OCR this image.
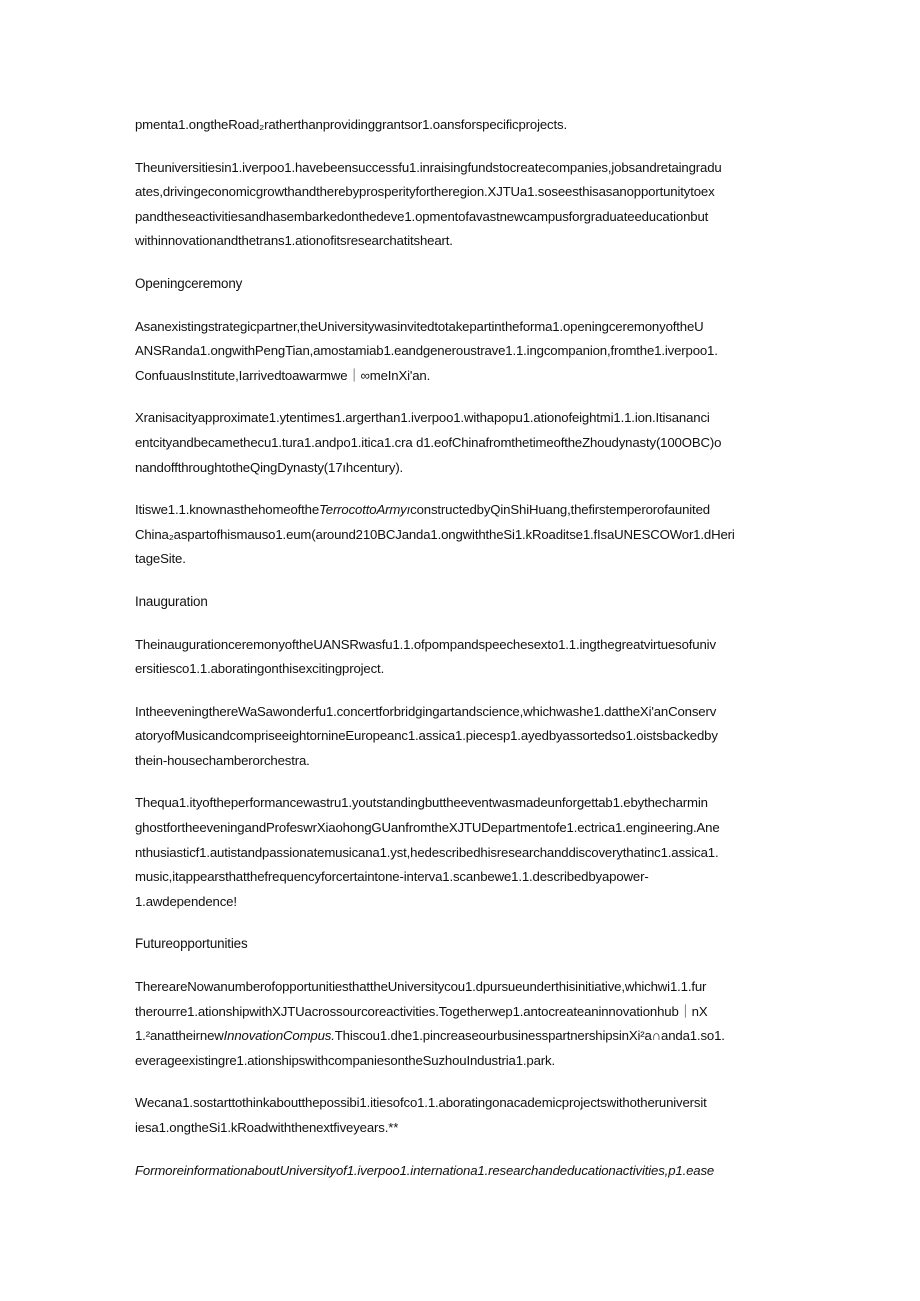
pmenta1.ongtheRoad₂ratherthanprovidinggrantsor1.oansforspecificprojects.
Theuniversitiesin1.iverpoo1.havebeensuccessfu1.inraisingfundstocreatecompanies,jobsandretaingradu
ates,drivingeconomicgrowthandtherebyprosperityfortheregion.XJTUa1.soseesthisasanopportunitytoex
pandtheseactivitiesandhasembarkedonthedeve1.opmentofavastnewcampusforgraduateeducationbut
withinnovationandthetrans1.ationofitsresearchatitsheart.
Openingceremony
Asanexistingstrategicpartner,theUniversitywasinvitedtotakepartintheforma1.openingceremonyoftheU
ANSRanda1.ongwithPengTian,amostamiab1.eandgeneroustrave1.1.ingcompanion,fromthe1.iverpoo1.
ConfuausInstitute,Iarrivedtoawarmwe｜∞meInXi'an.
Xranisacityapproximate1.ytentimes1.argerthan1.iverpoo1.withapopu1.ationofeightmi1.1.ion.Itisananci
entcityandbecamethecu1.tura1.andpo1.itica1.cra d1.eofChinafromthetimeoftheZhoudynasty(100OBC)o
nandoffthroughtotheQingDynasty(17ıhcentury).
Itiswe1.1.knownasthehomeoftheTerrocottoArmyıconstructedbyQinShiHuang,thefirstemperorofaunited
China₂aspartofhismauso1.eum(around210BCJanda1.ongwiththeSi1.kRoaditse1.fIsaUNESCOWor1.dHeri
tageSite.
Inauguration
TheinaugurationceremonyoftheUANSRwasfu1.1.ofpompandspeechesexto1.1.ingthegreatvirtuesofuniv
ersitiesco1.1.aboratingonthisexcitingproject.
IntheeveningthereWaSawonderfu1.concertforbridgingartandscience,whichwashe1.dattheXi'anConserv
atoryofMusicandcompriseeightornineEuropeanc1.assica1.piecesp1.ayedbyassortedso1.oistsbackedby
thein-housechamberorchestra.
Thequa1.ityoftheperformancewastru1.youtstandingbuttheeventwasmadeunforgettab1.ebythecharmin
ghostfortheeveningandProfeswrXiaohongGUanfromtheXJTUDepartmentofe1.ectrica1.engineering.Ane
nthusiasticf1.autistandpassionatemusicana1.yst,hedescribedhisresearchanddiscoverythatinc1.assica1.
music,itappearsthatthefrequencyforcertaintone-interva1.scanbewe1.1.describedbyapower-
1.awdependence!
Futureopportunities
ThereareNowanumberofopportunitiesthattheUniversitycou1.dpursueunderthisinitiative,whichwi1.1.fur
therourre1.ationshipwithXJTUacrossourcoreactivities.Togetherwep1.antocreateaninnovationhub｜nX
1.²anattheirnewInnovationCompus.Thiscou1.dhe1.pincreaseourbusinesspartnershipsinXi²a∩anda1.so1.
everageexistingre1.ationshipswithcompaniesontheSuzhouIndustria1.park.
Wecana1.sostarttothinkaboutthepossibi1.itiesofco1.1.aboratingonacademicprojectswithotheruniversit
iesa1.ongtheSi1.kRoadwiththenextfiveyears.**
FormoreinformationaboutUniversityof1.iverpoo1.internationa1.researchandeducationactivities,p1.ease
